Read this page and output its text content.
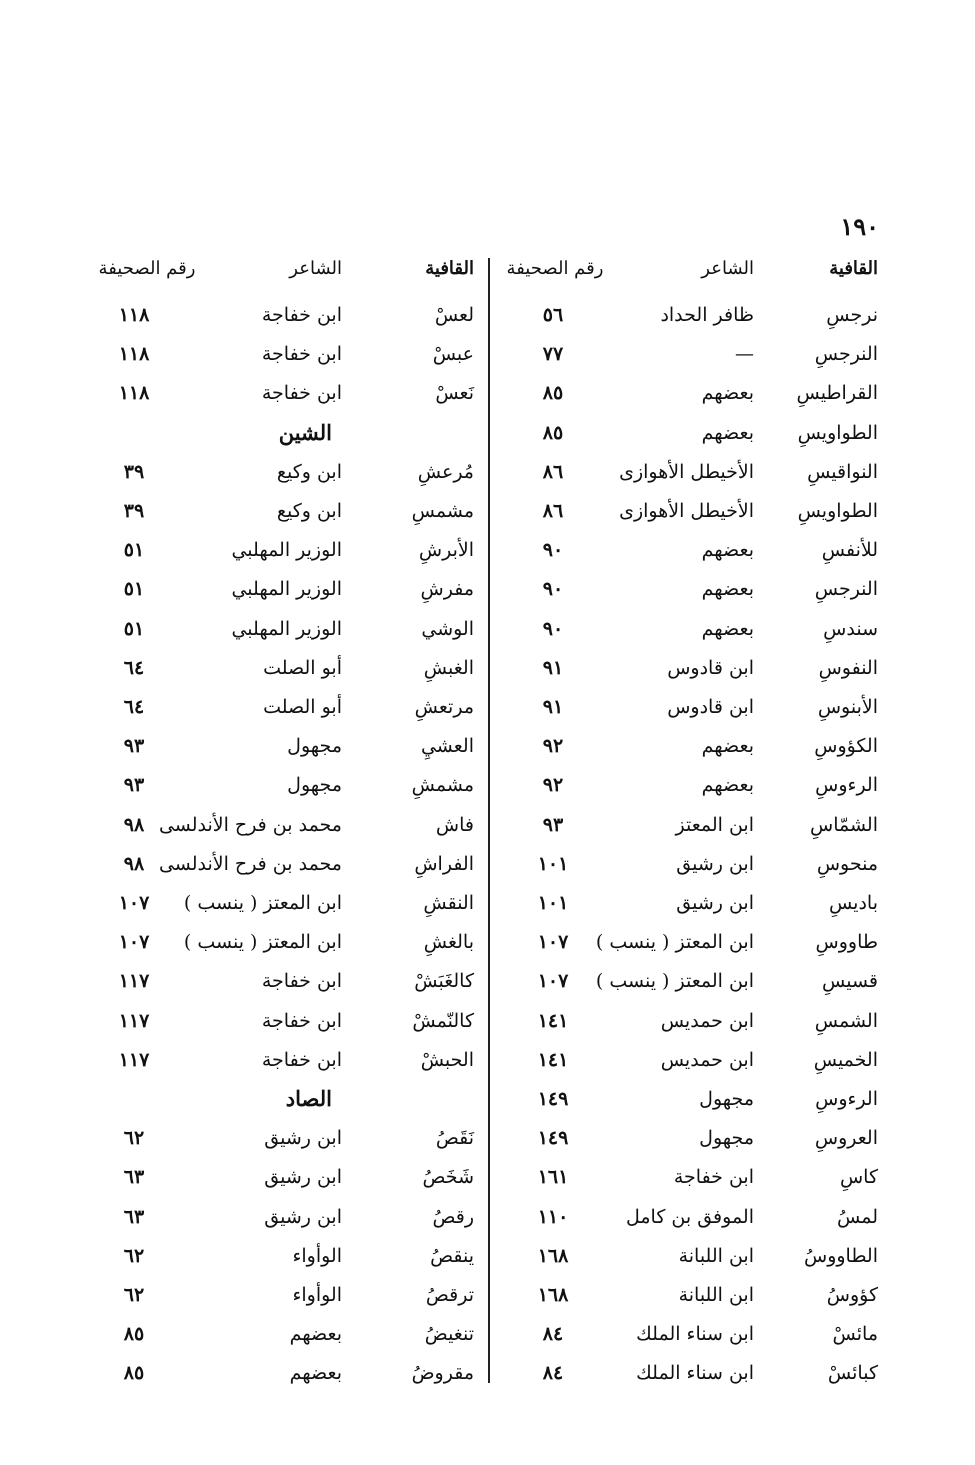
١٩٠
القافية
الشاعر
رقم الصحيفة
نرجسِ
ظافر الحداد
٥٦
النرجسِ
—
٧٧
القراطيسِ
بعضهم
٨٥
الطواويسِ
بعضهم
٨٥
النواقيسِ
الأخيطل الأهوازى
٨٦
الطواويسِ
الأخيطل الأهوازى
٨٦
للأنفسِ
بعضهم
٩٠
النرجسِ
بعضهم
٩٠
سندسِ
بعضهم
٩٠
النفوسِ
ابن قادوس
٩١
الأبنوسِ
ابن قادوس
٩١
الكؤوسِ
بعضهم
٩٢
الرءوسِ
بعضهم
٩٢
الشمّاسِ
ابن المعتز
٩٣
منحوسِ
ابن رشيق
١٠١
باديسِ
ابن رشيق
١٠١
طاووسِ
ابن المعتز ( ينسب )
١٠٧
قسيسِ
ابن المعتز ( ينسب )
١٠٧
الشمسِ
ابن حمديس
١٤١
الخميسِ
ابن حمديس
١٤١
الرءوسِ
مجهول
١٤٩
العروسِ
مجهول
١٤٩
كاسِ
ابن خفاجة
١٦١
لمسُ
الموفق بن كامل
١١٠
الطاووسُ
ابن اللبانة
١٦٨
كؤوسُ
ابن اللبانة
١٦٨
مائسْ
ابن سناء الملك
٨٤
كبائسْ
ابن سناء الملك
٨٤
القافية
الشاعر
رقم الصحيفة
لعسْ
ابن خفاجة
١١٨
عبسْ
ابن خفاجة
١١٨
نَعسْ
ابن خفاجة
١١٨
الشين
مُرعشِ
ابن وكيع
٣٩
مشمسِ
ابن وكيع
٣٩
الأبرشِ
الوزير المهلبي
٥١
مفرشِ
الوزير المهلبي
٥١
الوشي
الوزير المهلبي
٥١
الغبشِ
أبو الصلت
٦٤
مرتعشِ
أبو الصلت
٦٤
العشيِ
مجهول
٩٣
مشمشِ
مجهول
٩٣
فاش
محمد بن فرح الأندلسى
٩٨
الفراشِ
محمد بن فرح الأندلسى
٩٨
النقشِ
ابن المعتز ( ينسب )
١٠٧
بالغشِ
ابن المعتز ( ينسب )
١٠٧
كالغَبَشْ
ابن خفاجة
١١٧
كالنّمشْ
ابن خفاجة
١١٧
الحبشْ
ابن خفاجة
١١٧
الصاد
نَقَصُ
ابن رشيق
٦٢
شَخَصُ
ابن رشيق
٦٣
رقصُ
ابن رشيق
٦٣
ينقصُ
الوأواء
٦٢
ترقصُ
الوأواء
٦٢
تنغيضُ
بعضهم
٨٥
مقروضُ
بعضهم
٨٥
